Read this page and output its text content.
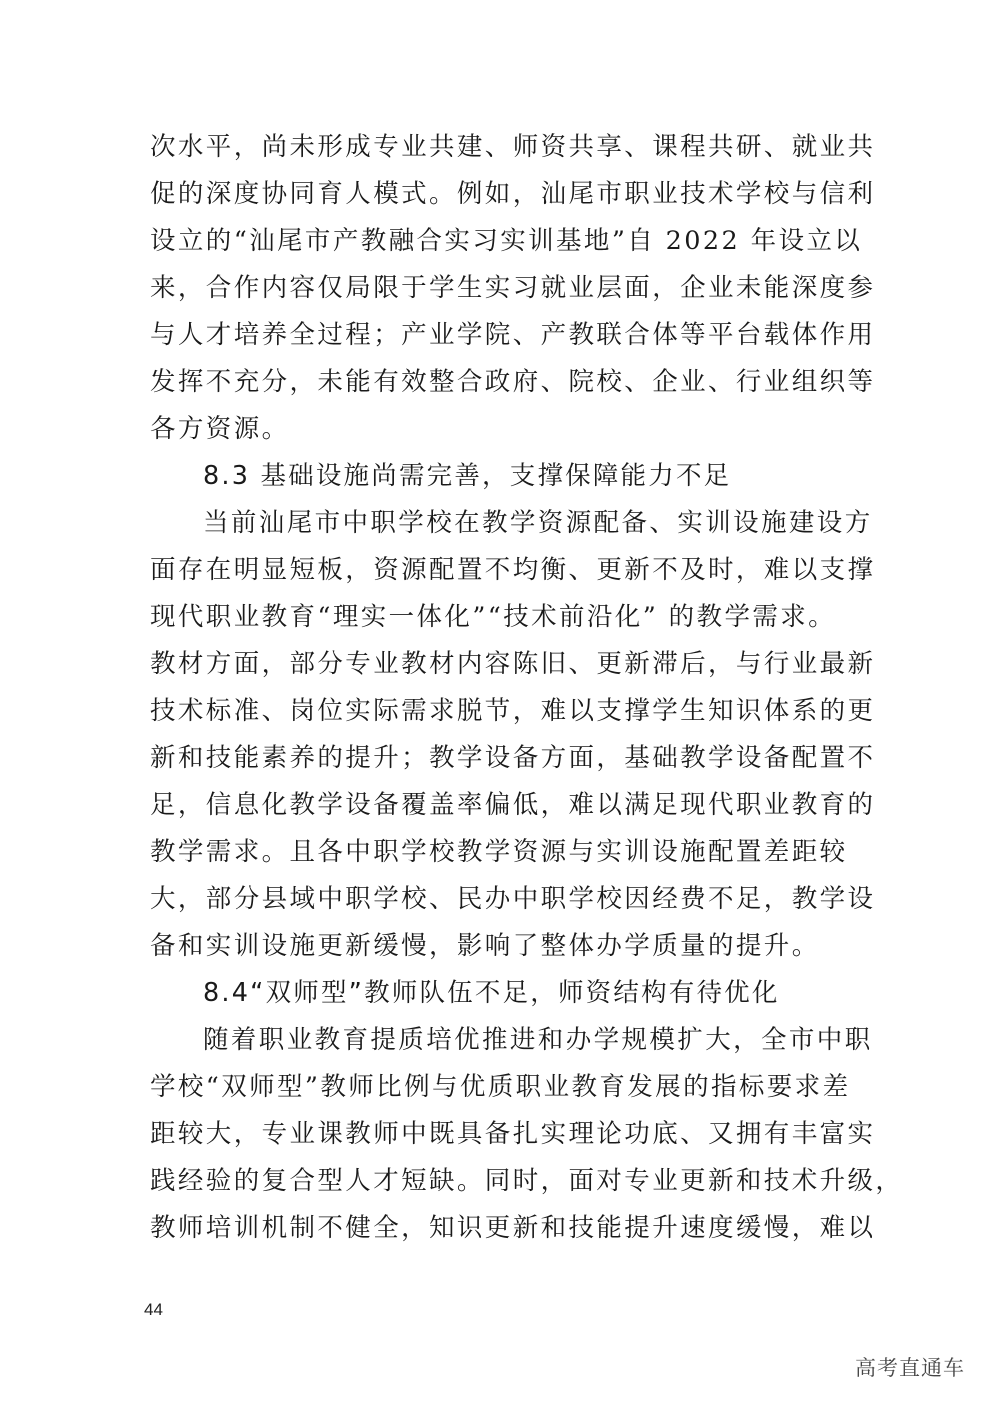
次水平，尚未形成专业共建、师资共享、课程共研、就业共
促的深度协同育人模式。例如，汕尾市职业技术学校与信利
设立的“汕尾市产教融合实习实训基地”自 2022 年设立以
来，合作内容仅局限于学生实习就业层面，企业未能深度参
与人才培养全过程；产业学院、产教联合体等平台载体作用
发挥不充分，未能有效整合政府、院校、企业、行业组织等
各方资源。
8.3 基础设施尚需完善，支撑保障能力不足
当前汕尾市中职学校在教学资源配备、实训设施建设方
面存在明显短板，资源配置不均衡、更新不及时，难以支撑
现代职业教育“理实一体化”“技术前沿化” 的教学需求。
教材方面，部分专业教材内容陈旧、更新滞后，与行业最新
技术标准、岗位实际需求脱节，难以支撑学生知识体系的更
新和技能素养的提升；教学设备方面，基础教学设备配置不
足，信息化教学设备覆盖率偏低，难以满足现代职业教育的
教学需求。且各中职学校教学资源与实训设施配置差距较
大，部分县域中职学校、民办中职学校因经费不足，教学设
备和实训设施更新缓慢，影响了整体办学质量的提升。
8.4“双师型”教师队伍不足，师资结构有待优化
随着职业教育提质培优推进和办学规模扩大，全市中职
学校“双师型”教师比例与优质职业教育发展的指标要求差
距较大，专业课教师中既具备扎实理论功底、又拥有丰富实
践经验的复合型人才短缺。同时，面对专业更新和技术升级，
教师培训机制不健全，知识更新和技能提升速度缓慢，难以
44
高考直通车
